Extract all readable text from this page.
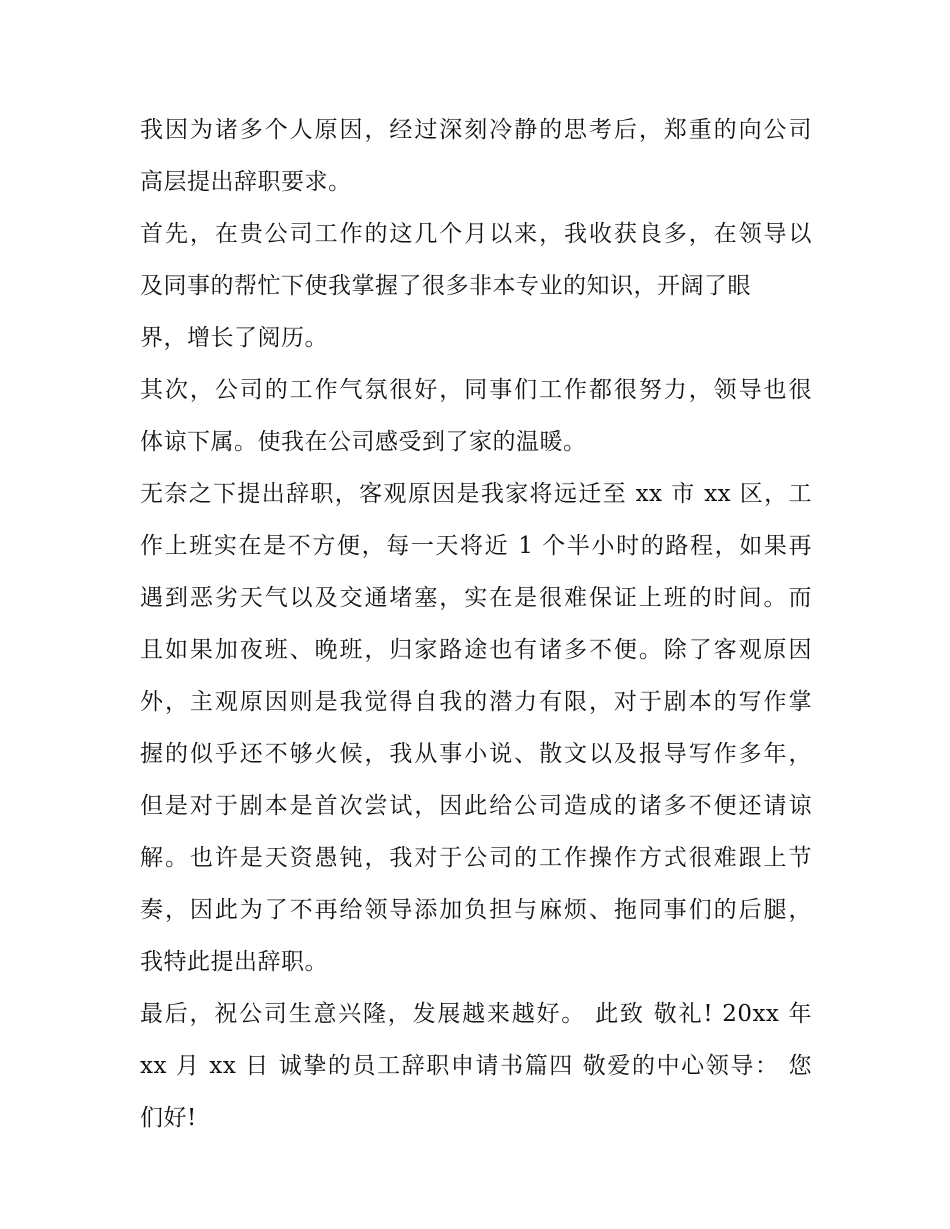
我因为诸多个人原因，经过深刻冷静的思考后，郑重的向公司
高层提出辞职要求。
首先，在贵公司工作的这几个月以来，我收获良多，在领导以
及同事的帮忙下使我掌握了很多非本专业的知识，开阔了眼
界，增长了阅历。
其次，公司的工作气氛很好，同事们工作都很努力，领导也很
体谅下属。使我在公司感受到了家的温暖。
无奈之下提出辞职，客观原因是我家将远迁至 xx 市 xx 区，工
作上班实在是不方便，每一天将近 1 个半小时的路程，如果再
遇到恶劣天气以及交通堵塞，实在是很难保证上班的时间。而
且如果加夜班、晚班，归家路途也有诸多不便。除了客观原因
外，主观原因则是我觉得自我的潜力有限，对于剧本的写作掌
握的似乎还不够火候，我从事小说、散文以及报导写作多年，
但是对于剧本是首次尝试，因此给公司造成的诸多不便还请谅
解。也许是天资愚钝，我对于公司的工作操作方式很难跟上节
奏，因此为了不再给领导添加负担与麻烦、拖同事们的后腿，
我特此提出辞职。
最后，祝公司生意兴隆，发展越来越好。 此致 敬礼! 20xx 年
xx 月 xx 日 诚挚的员工辞职申请书篇四 敬爱的中心领导： 您
们好!
